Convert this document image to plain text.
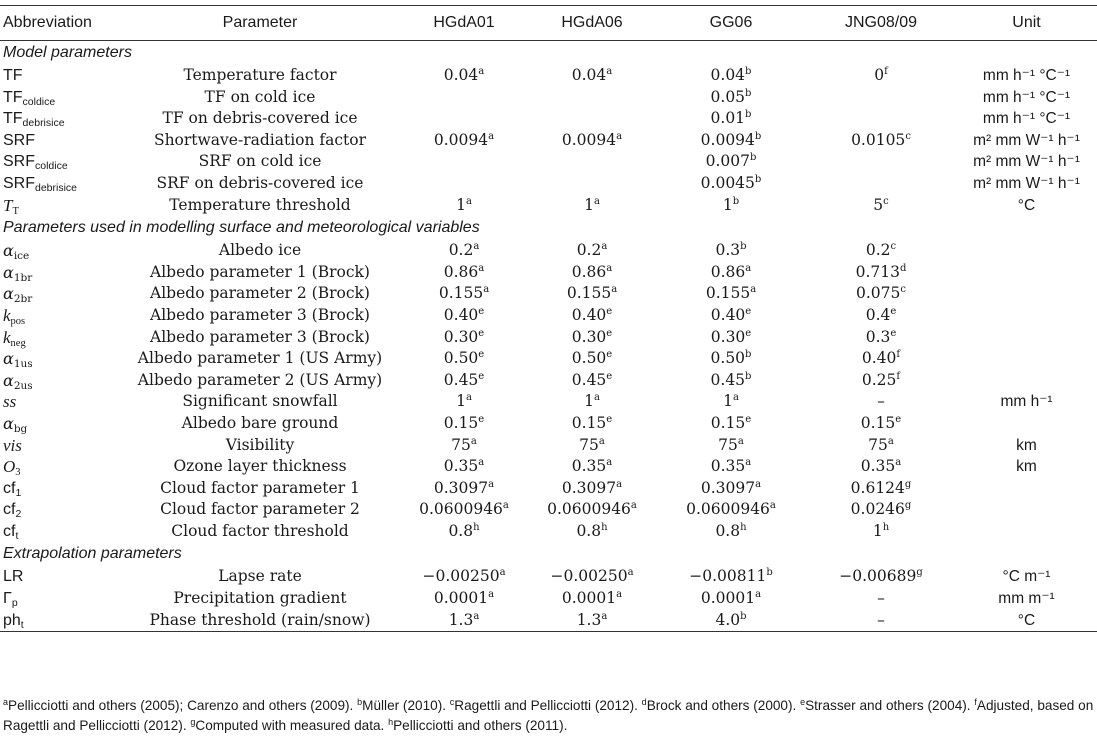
Abbreviation	Parameter	HGdA01	HGdA06	GG06	JNG08/09	Unit
Model parameters						
TF	Temperature factor	0.04$^a$	0.04$^a$	0.04$^b$	0$^f$	mm h⁻¹ °C⁻¹
$TF_{coldice}$	TF on cold ice			0.05$^b$		mm h⁻¹ °C⁻¹
$TF_{debrisice}$	TF on debris-covered ice			0.01$^b$		mm h⁻¹ °C⁻¹
SRF	Shortwave-radiation factor	0.0094$^a$	0.0094$^a$	0.0094$^b$	0.0105$^c$	m² mm W⁻¹ h⁻¹
$SRF_{coldice}$	SRF on cold ice			0.007$^b$		m² mm W⁻¹ h⁻¹
$SRF_{debrisice}$	SRF on debris-covered ice			0.0045$^b$		m² mm W⁻¹ h⁻¹
$T_T$	Temperature threshold	1$^a$	1$^a$	1$^b$	5$^c$	°C
Parameters used in modelling surface and meteorological variables						
$\alpha_{ice}$	Albedo ice	0.2$^a$	0.2$^a$	0.3$^b$	0.2$^c$	
$\alpha_{1br}$	Albedo parameter 1 (Brock)	0.86$^a$	0.86$^a$	0.86$^a$	0.713$^d$	
$\alpha_{2br}$	Albedo parameter 2 (Brock)	0.155$^a$	0.155$^a$	0.155$^a$	0.075$^c$	
$k_{pos}$	Albedo parameter 3 (Brock)	0.40e	0.40e	0.40e	0.4e	
$k_{neg}$	Albedo parameter 3 (Brock)	0.30e	0.30e	0.30e	0.3e	
$\alpha_{1us}$	Albedo parameter 1 (US Army)	0.50e	0.50e	0.50$^b$	0.40$^f$	
$\alpha_{2us}$	Albedo parameter 2 (US Army)	0.45e	0.45e	0.45$^b$	0.25$^f$	
ss	Significant snowfall	1$^a$	1$^a$	1$^a$	–	mm h⁻¹
$\alpha_{bg}$	Albedo bare ground	0.15e	0.15e	0.15e	0.15e	
vis	Visibility	75$^a$	75$^a$	75$^a$	75$^a$	km
$O_3$	Ozone layer thickness	0.35$^a$	0.35$^a$	0.35$^a$	0.35$^a$	km
$cf_1$	Cloud factor parameter 1	0.3097$^a$	0.3097$^a$	0.3097$^a$	0.6124$^g$	
$cf_2$	Cloud factor parameter 2	0.0600946$^a$	0.0600946$^a$	0.0600946$^a$	0.0246$^g$	
$cf_t$	Cloud factor threshold	0.8$^h$	0.8$^h$	0.8$^h$	1$^h$	
Extrapolation parameters						
LR	Lapse rate	−0.00250$^a$	−0.00250$^a$	−0.00811$^b$	−0.00689$^g$	°C m⁻¹
$\Gamma_p$	Precipitation gradient	0.0001$^a$	0.0001$^a$	0.0001$^a$	–	mm m⁻¹
$ph_t$	Phase threshold (rain/snow)	1.3$^a$	1.3$^a$	4.0$^b$	–	°C
$^a$Pellicciotti and others (2005); Carenzo and others (2009). $^b$Müller (2010). $^c$Ragettli and Pellicciotti (2012). $^d$Brock and others (2000). $^e$Strasser and others (2004). $^f$Adjusted, based on Ragettli and Pellicciotti (2012). $^g$Computed with measured data. $^h$Pellicciotti and others (2011).
